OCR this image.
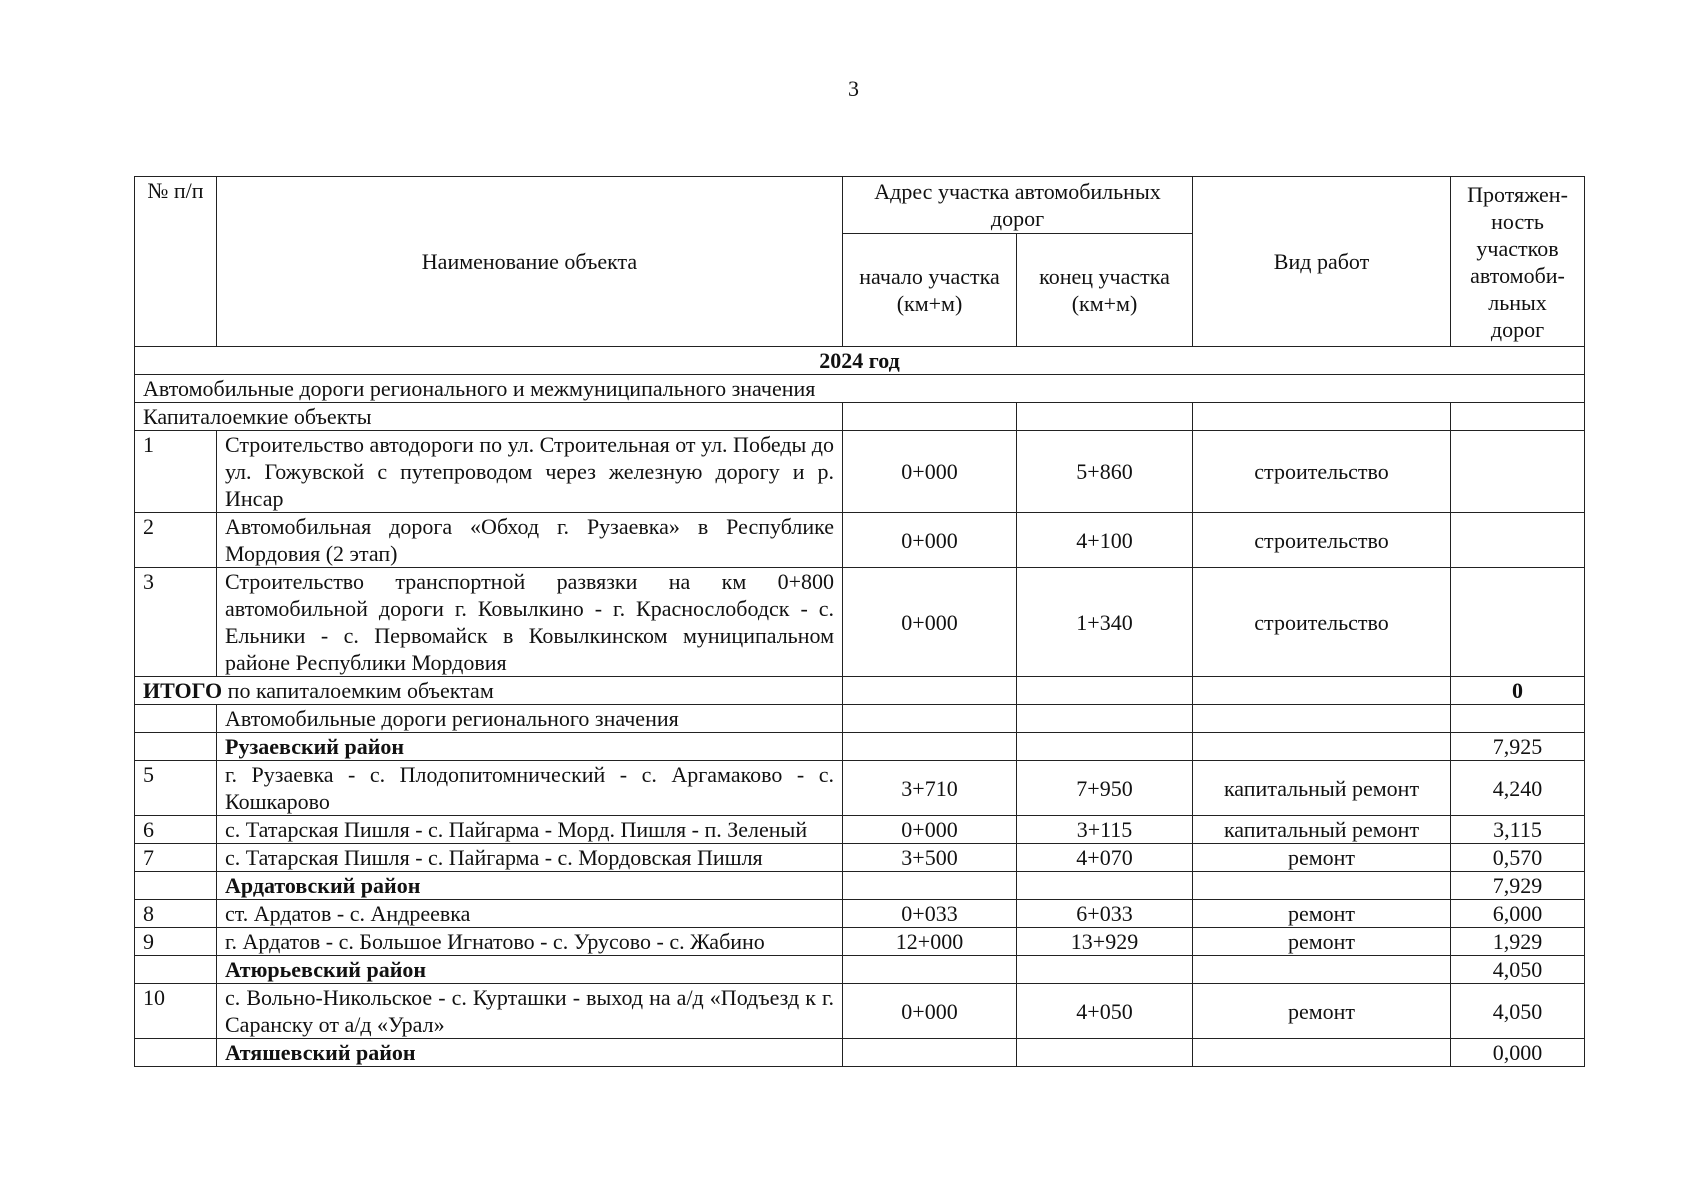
3
№ п/п	Наименование объекта	Адрес участка автомобильных дорог		Вид работ	Протяжен-ность участков автомоби-льных дорог
		начало участка (км+м)	конец участка (км+м)		
2024 год					
Автомобильные дороги регионального и межмуниципального значения					
Капиталоемкие объекты					
1	Строительство автодороги по ул. Строительная от ул. Победы до ул. Гожувской с путепроводом через железную дорогу и р. Инсар	0+000	5+860	строительство	
2	Автомобильная дорога «Обход г. Рузаевка» в Республике Мордовия (2 этап)	0+000	4+100	строительство	
3	Строительство транспортной развязки на км 0+800 автомобильной дороги г. Ковылкино - г. Краснослободск - с. Ельники - с. Первомайск в Ковылкинском муниципальном районе Республики Мордовия	0+000	1+340	строительство	
ИТОГО по капиталоемким объектам					0
	Автомобильные дороги регионального значения				
	Рузаевский район				7,925
5	г. Рузаевка - с. Плодопитомнический - с. Аргамаково - с. Кошкарово	3+710	7+950	капитальный ремонт	4,240
6	с. Татарская Пишля - с. Пайгарма - Морд. Пишля - п. Зеленый	0+000	3+115	капитальный ремонт	3,115
7	с. Татарская Пишля - с. Пайгарма - с. Мордовская Пишля	3+500	4+070	ремонт	0,570
	Ардатовский район				7,929
8	ст. Ардатов - с. Андреевка	0+033	6+033	ремонт	6,000
9	г. Ардатов - с. Большое Игнатово - с. Урусово - с. Жабино	12+000	13+929	ремонт	1,929
	Атюрьевский район				4,050
10	с. Вольно-Никольское - с. Курташки - выход на а/д «Подъезд к г. Саранску от а/д «Урал»	0+000	4+050	ремонт	4,050
	Атяшевский район				0,000
